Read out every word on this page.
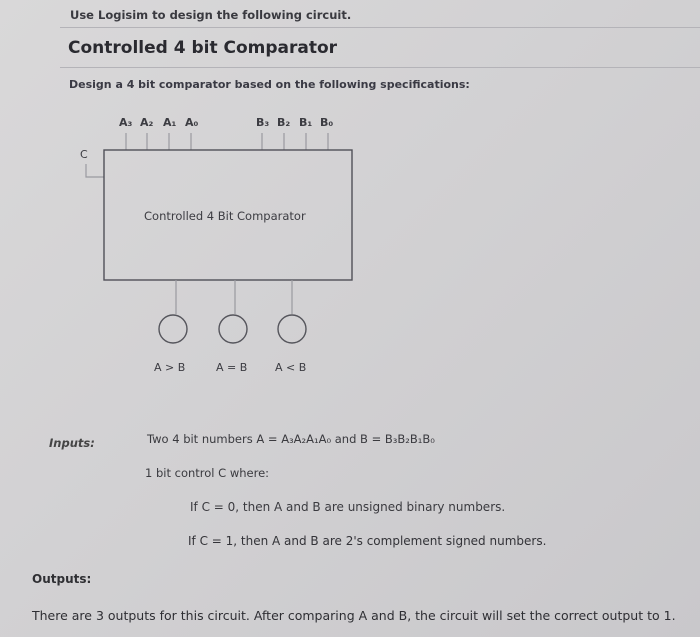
Use Logisim to design the following circuit.
Controlled 4 bit Comparator
Design a 4 bit comparator based on the following specifications:
A₃ A₂ A₁ A₀	B₃ B₂ B₁ B₀
C
Controlled 4 Bit Comparator
A > B	A = B	A < B
Inputs:	Two 4 bit numbers A = A₃A₂A₁A₀ and B = B₃B₂B₁B₀
1 bit control C where:
If C = 0, then A and B are unsigned binary numbers.
If C = 1, then A and B are 2's complement signed numbers.
Outputs:
There are 3 outputs for this circuit. After comparing A and B, the circuit will set the correct output to 1.
